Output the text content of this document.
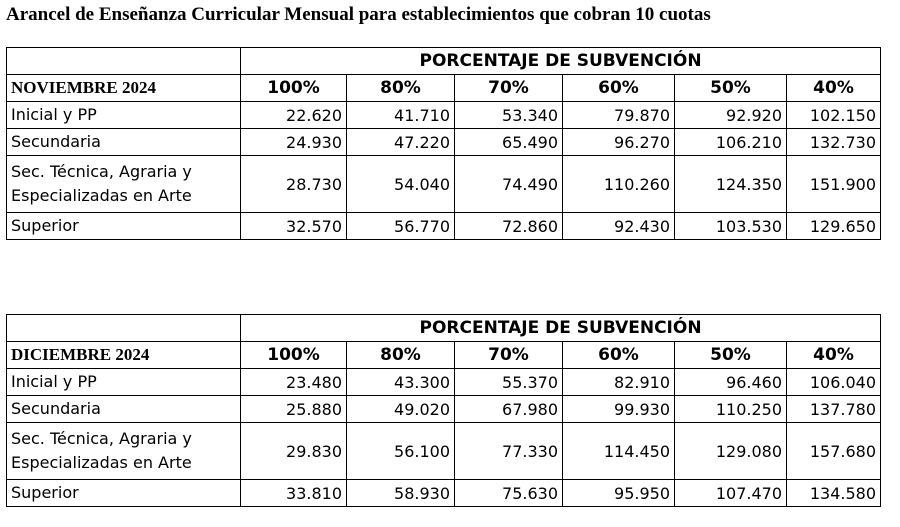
Arancel de Enseñanza Curricular Mensual para establecimientos que cobran 10 cuotas
	PORCENTAJE DE SUBVENCIÓN					
NOVIEMBRE 2024	100%	80%	70%	60%	50%	40%
Inicial y PP	22.620	41.710	53.340	79.870	92.920	102.150
Secundaria	24.930	47.220	65.490	96.270	106.210	132.730
Sec. Técnica, Agraria y Especializadas en Arte	28.730	54.040	74.490	110.260	124.350	151.900
Superior	32.570	56.770	72.860	92.430	103.530	129.650
	PORCENTAJE DE SUBVENCIÓN					
DICIEMBRE 2024	100%	80%	70%	60%	50%	40%
Inicial y PP	23.480	43.300	55.370	82.910	96.460	106.040
Secundaria	25.880	49.020	67.980	99.930	110.250	137.780
Sec. Técnica, Agraria y Especializadas en Arte	29.830	56.100	77.330	114.450	129.080	157.680
Superior	33.810	58.930	75.630	95.950	107.470	134.580
